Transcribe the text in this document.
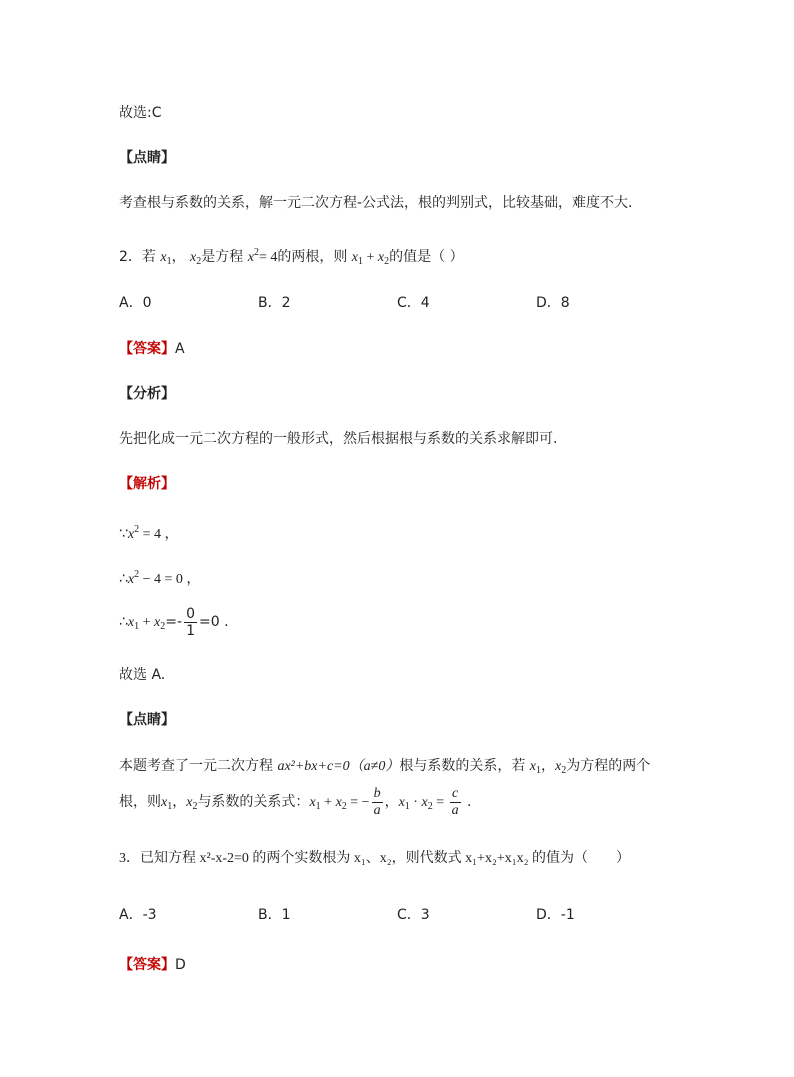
故选:C
【点睛】
考查根与系数的关系，解一元二次方程-公式法，根的判别式，比较基础，难度不大.
2．若 $x_1$， $x_2$是方程 $x^2= 4$的两根，则 $x_1 + x_2$的值是（ ）
A．0	B．2	C．4	D．8
【答案】A
【分析】
先把化成一元二次方程的一般形式，然后根据根与系数的关系求解即可.
【解析】
$\because x^2 = 4$ ，
$\therefore x^2 - 4 = 0$ ，
$\therefore x_1 + x_2=- \frac{0}{1} =0$ .
故选 A.
【点睛】
本题考查了一元二次方程 ax²+bx+c=0（a≠0）根与系数的关系，若 $x_1$，$x_2$为方程的两个
根，则$x_1$，$x_2$与系数的关系式：$x_1 + x_2$ = − $\frac{b}{a}$ ，$x_1 \cdot x_2 = \frac{c}{a}$ .
3．已知方程 x²-x-2=0 的两个实数根为 x₁、x₂，则代数式 x₁+x₂+x₁x₂ 的值为（　　）
A．-3	B．1	C．3	D．-1
【答案】D
